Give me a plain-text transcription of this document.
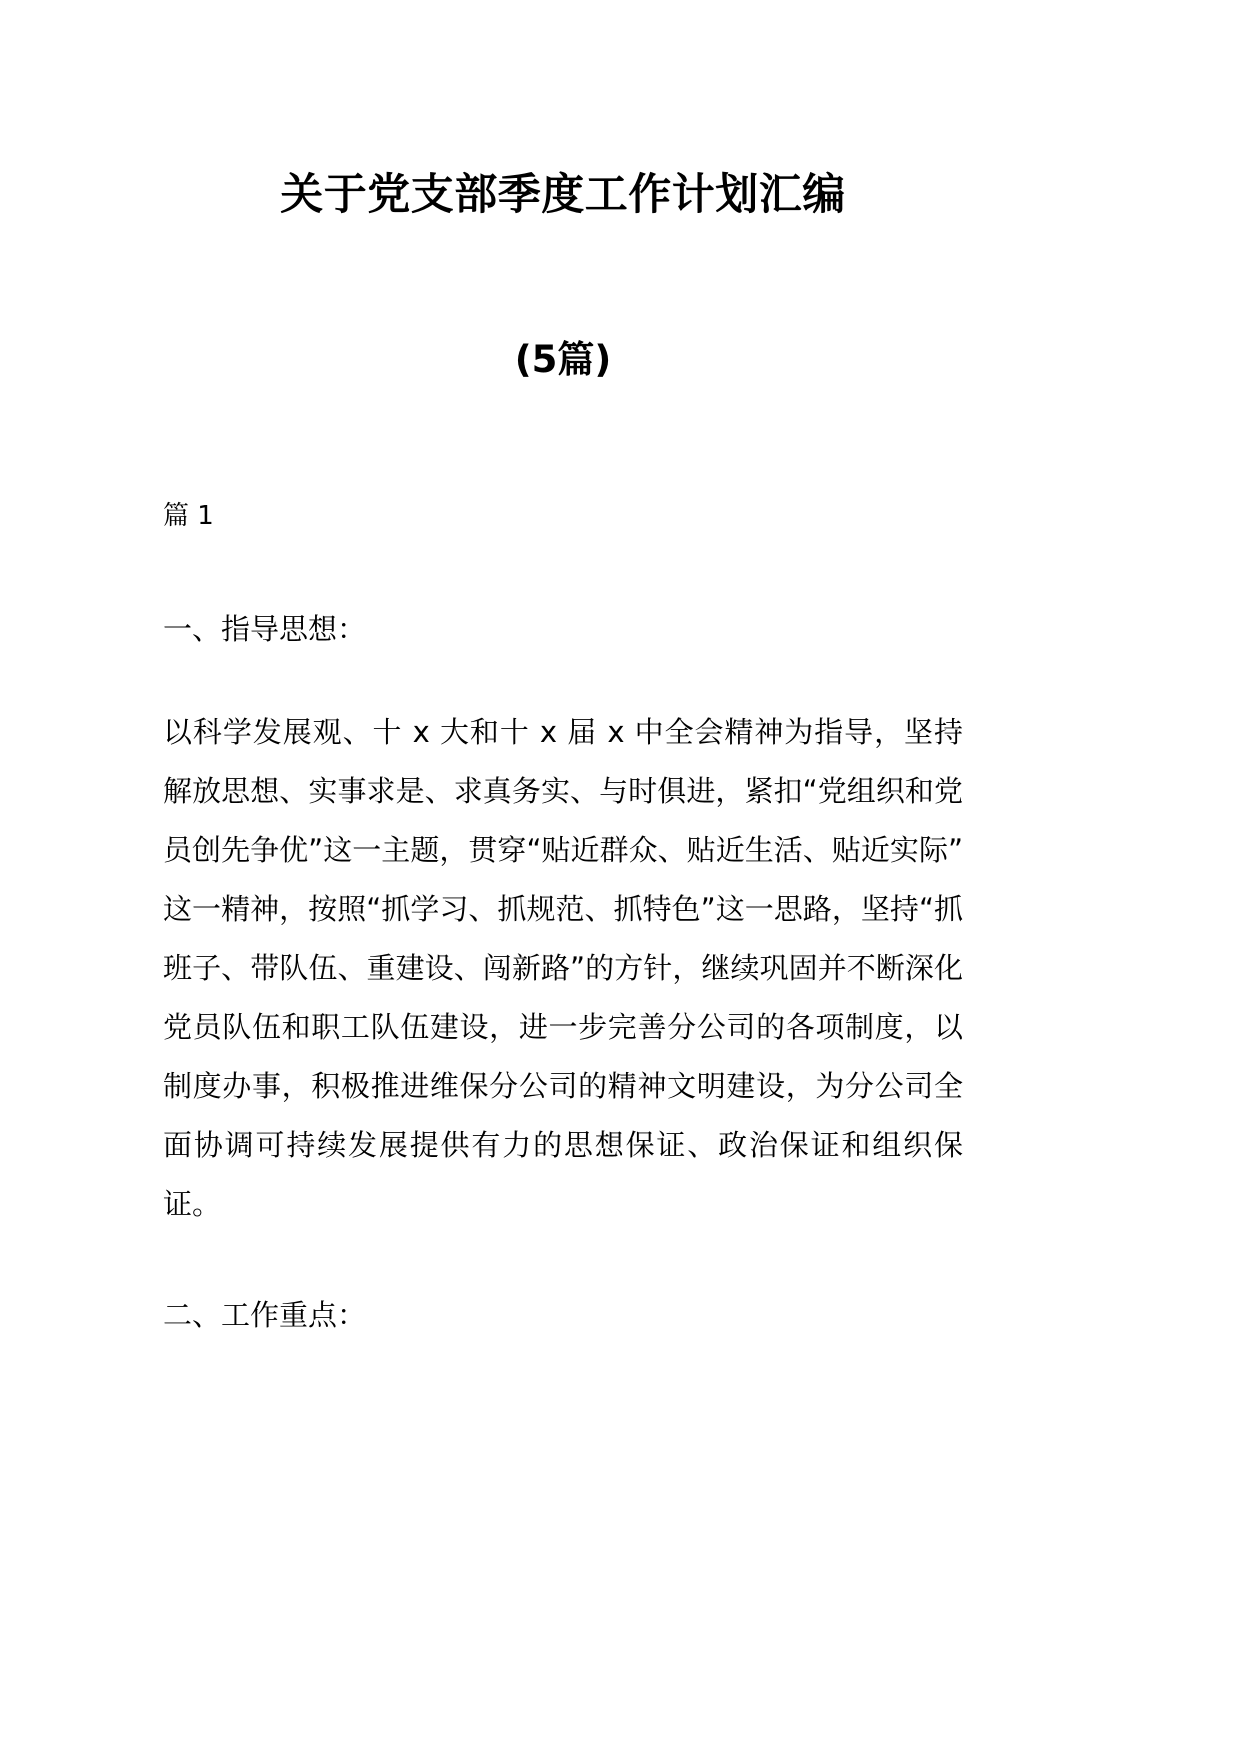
关于党支部季度工作计划汇编
(5篇)

篇 1

一、指导思想：

以科学发展观、十 x 大和十 x 届 x 中全会精神为指导，坚持解放思想、实事求是、求真务实、与时俱进，紧扣“党组织和党员创先争优”这一主题，贯穿“贴近群众、贴近生活、贴近实际”这一精神，按照“抓学习、抓规范、抓特色”这一思路，坚持“抓班子、带队伍、重建设、闯新路”的方针，继续巩固并不断深化党员队伍和职工队伍建设，进一步完善分公司的各项制度，以制度办事，积极推进维保分公司的精神文明建设，为分公司全面协调可持续发展提供有力的思想保证、政治保证和组织保证。

二、工作重点：
